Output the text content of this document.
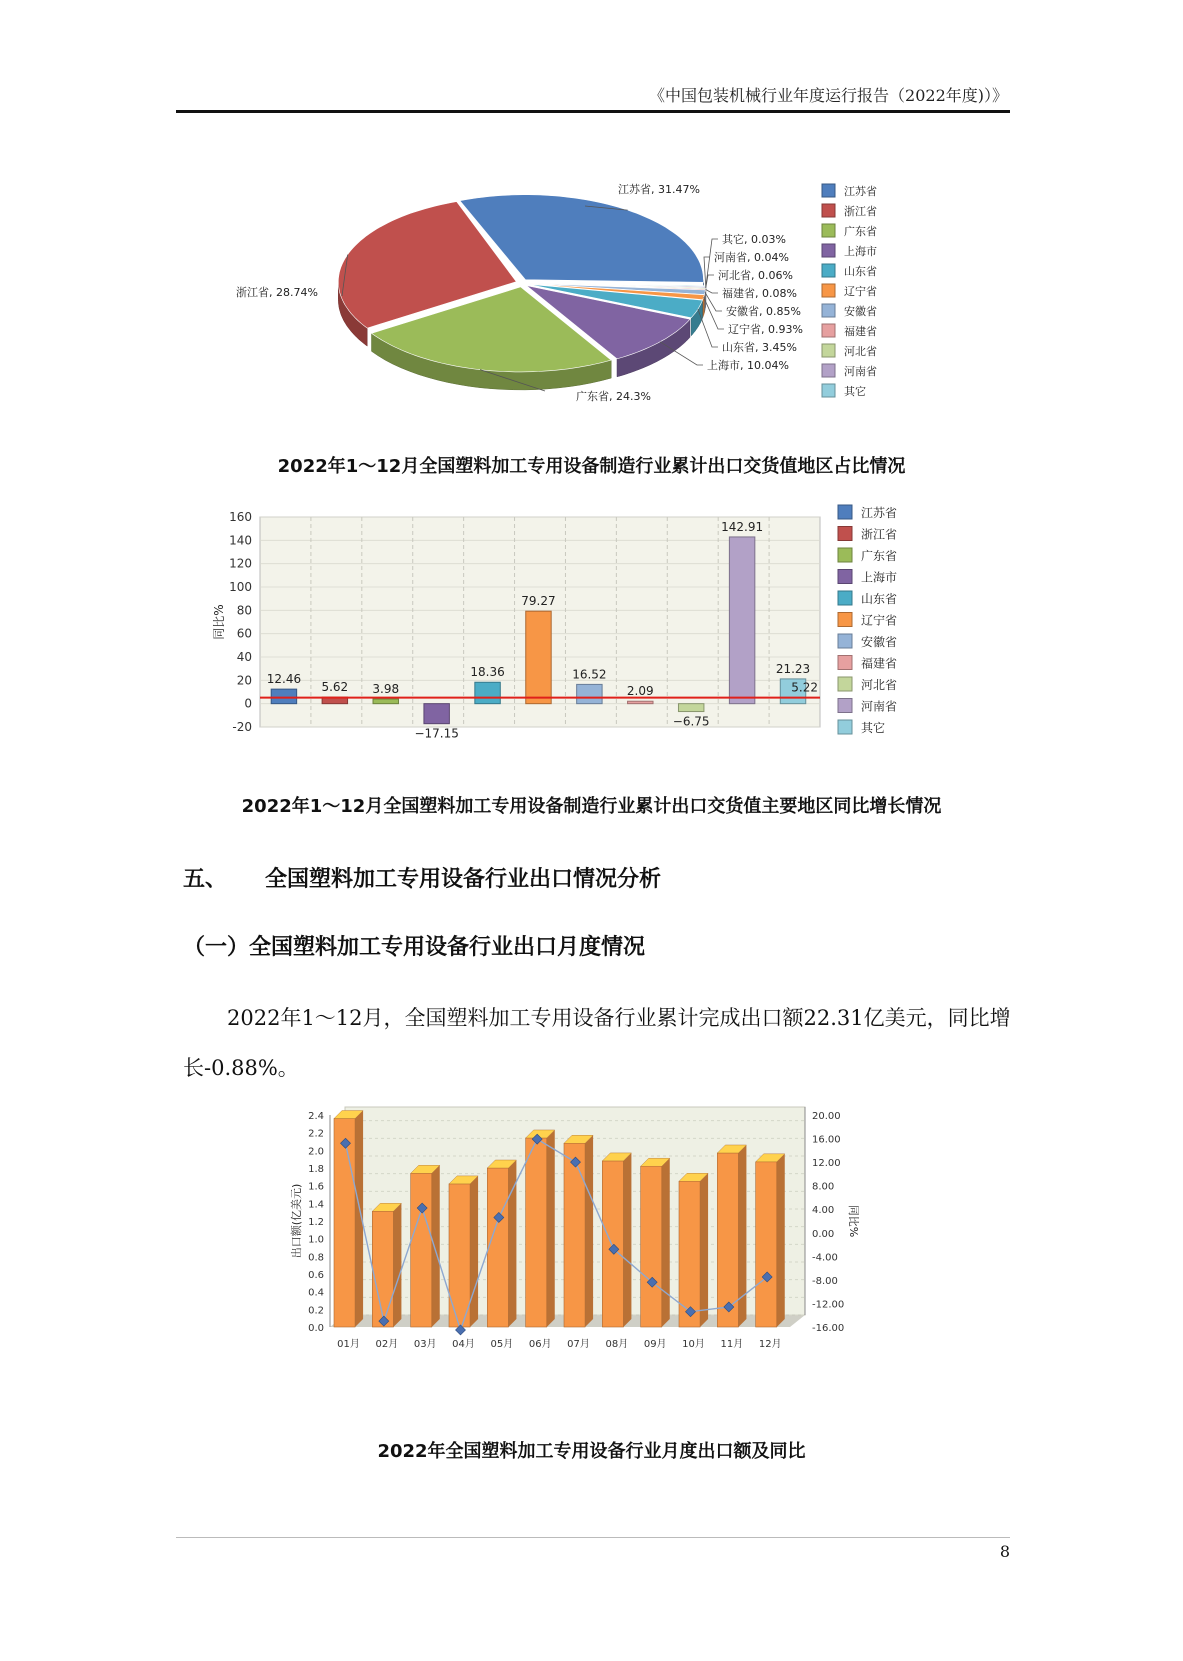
《中国包装机械行业年度运行报告（2022年度)）》
江苏省, 31.47%
其它, 0.03%
河南省, 0.04%
河北省, 0.06%
福建省, 0.08%
安徽省, 0.85%
辽宁省, 0.93%
山东省, 3.45%
上海市, 10.04%
广东省, 24.3%
浙江省, 28.74%
江苏省
浙江省
广东省
上海市
山东省
辽宁省
安徽省
福建省
河北省
河南省
其它
2022年1～12月全国塑料加工专用设备制造行业累计出口交货值地区占比情况
-20
0
20
40
60
80
100
120
140
160
同比%
12.46
5.62 3.98
−17.15
18.36
79.27
16.52
2.09
−6.75
142.91
21.23
5.22
江苏省
浙江省
广东省
上海市
山东省
辽宁省
安徽省
福建省
河北省
河南省
其它
2022年1～12月全国塑料加工专用设备制造行业累计出口交货值主要地区同比增长情况
五、 全国塑料加工专用设备行业出口情况分析
（一）全国塑料加工专用设备行业出口月度情况
2022年1～12月，全国塑料加工专用设备行业累计完成出口额22.31亿美元，同比增长-0.88%。
0.0
0.2
0.4
0.6
0.8
1.0
1.2
1.4
1.6
1.8
2.0
2.2
2.4
-16.00
-12.00
-8.00
-4.00
0.00
4.00
8.00
12.00
16.00
20.00
出口额(亿美元)	同比%
01月 02月 03月 04月 05月 06月 07月 08月 09月 10月 11月 12月
2022年全国塑料加工专用设备行业月度出口额及同比
8
